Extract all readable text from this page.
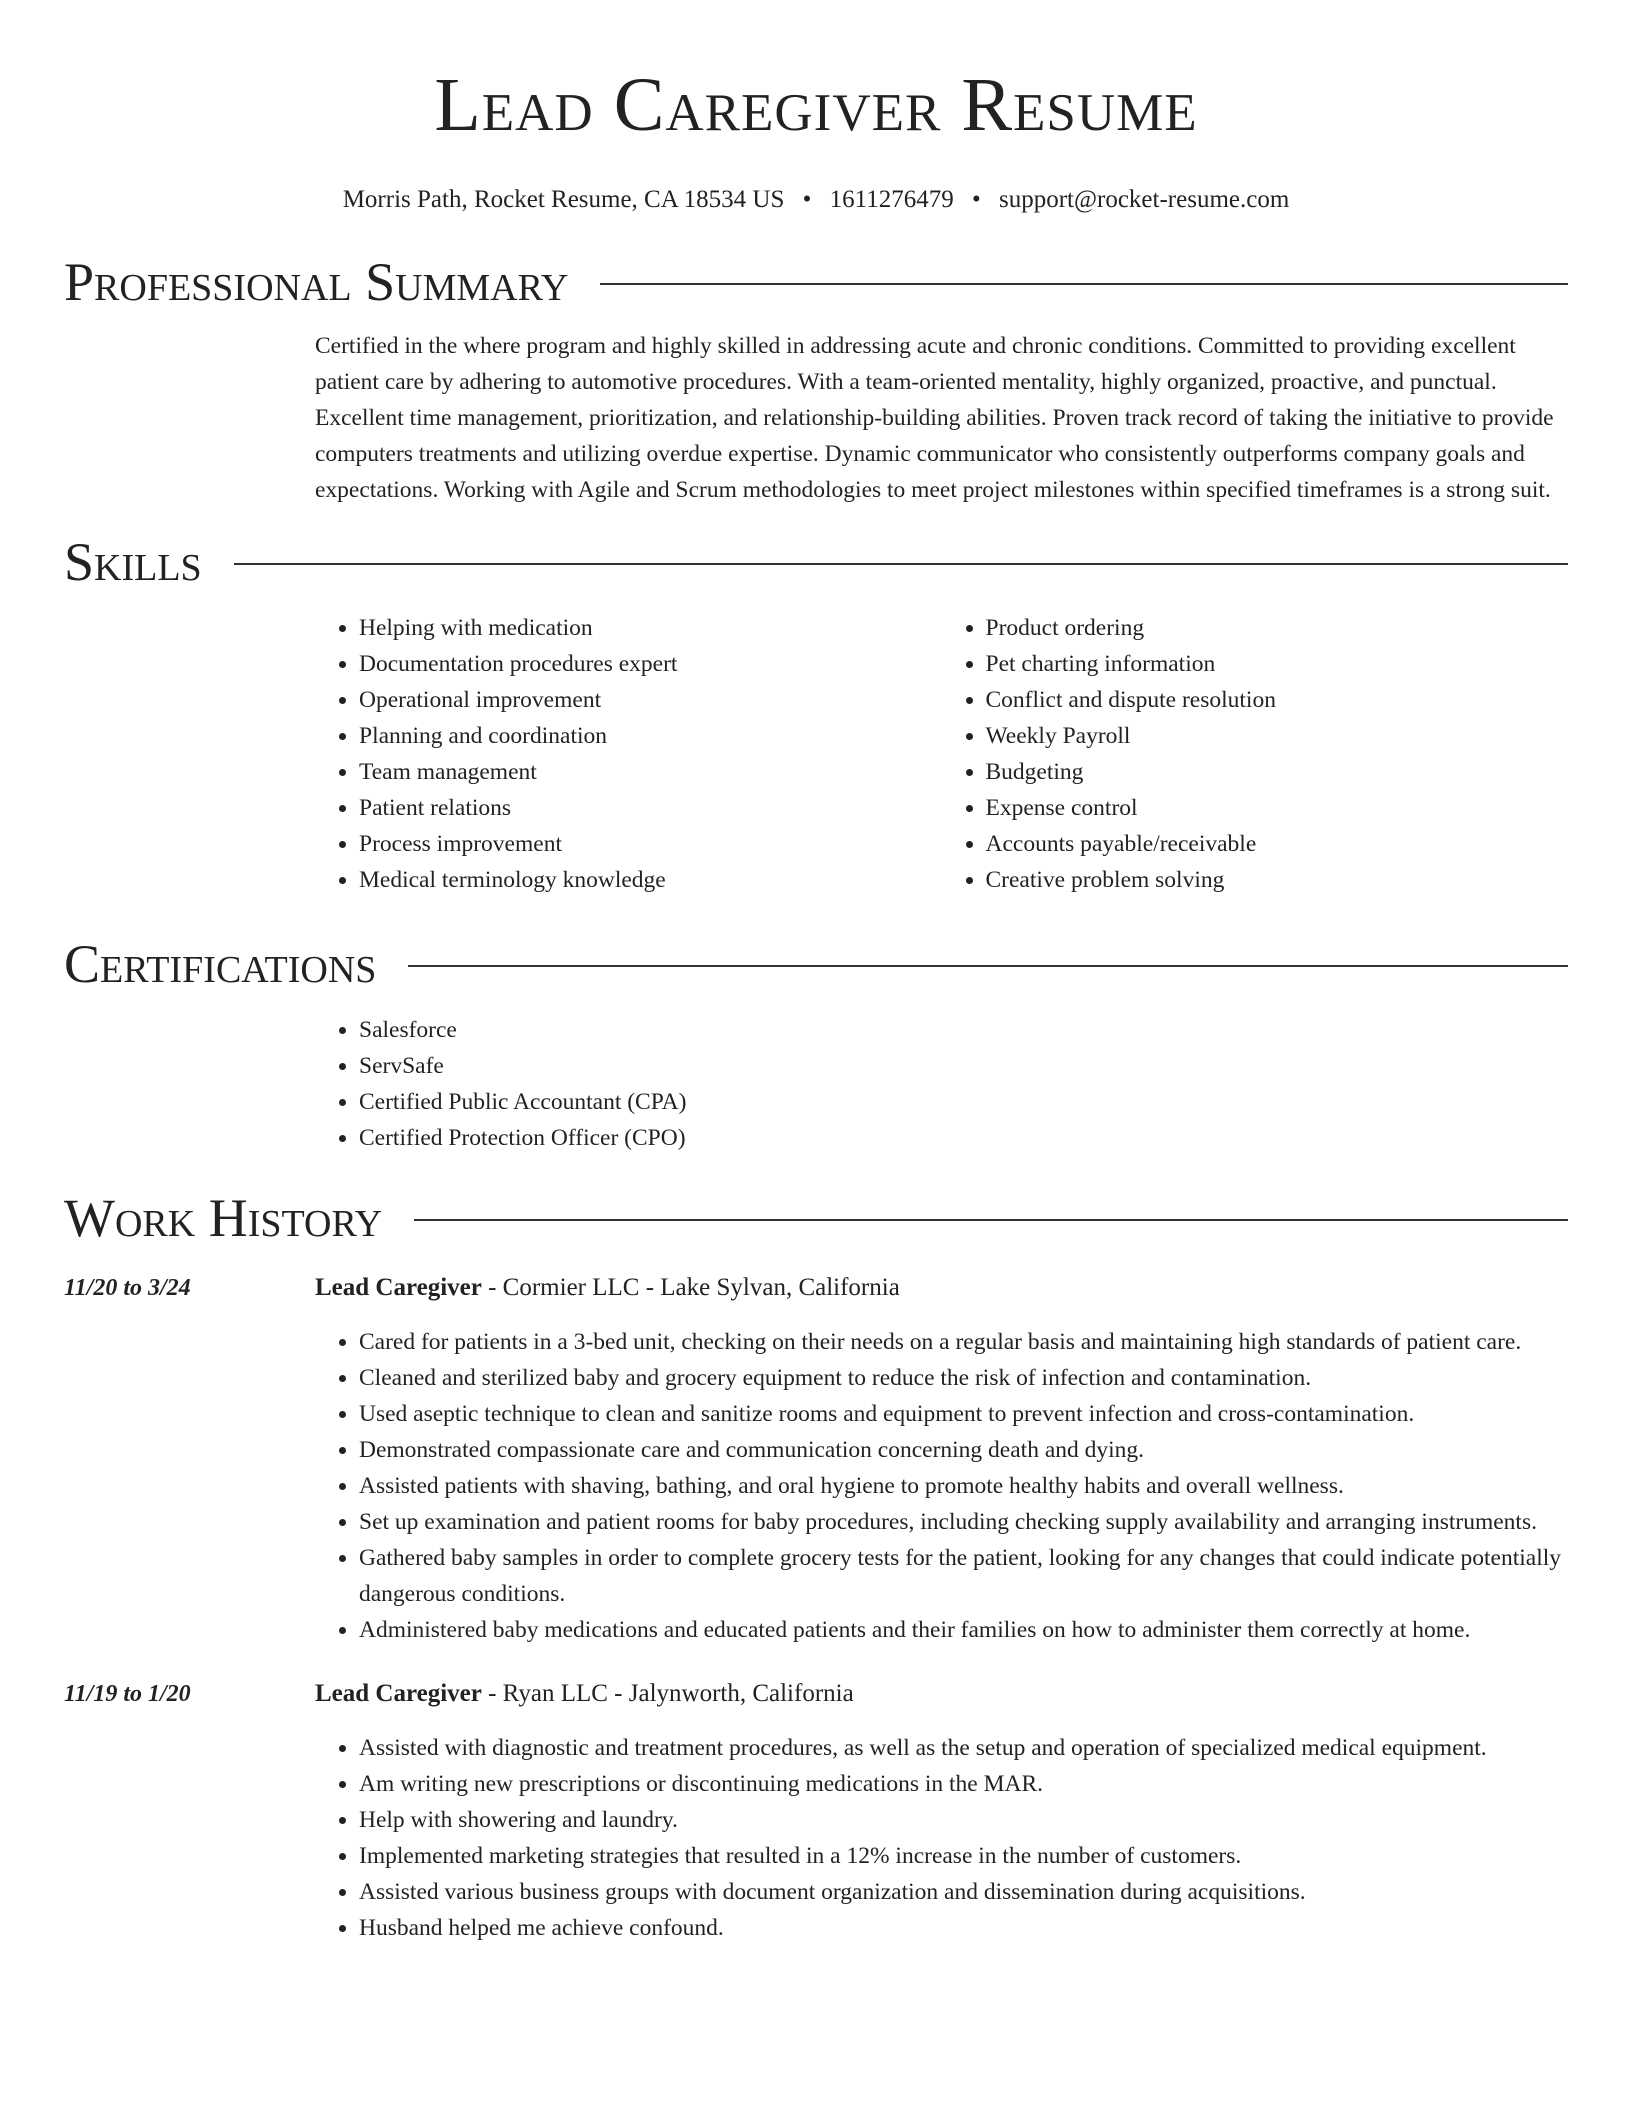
Lead Caregiver Resume
Morris Path, Rocket Resume, CA 18534 US • 1611276479 • support@rocket-resume.com
Professional Summary

Certified in the where program and highly skilled in addressing acute and chronic conditions. Committed to providing excellent patient care by adhering to automotive procedures. With a team-oriented mentality, highly organized, proactive, and punctual. Excellent time management, prioritization, and relationship-building abilities. Proven track record of taking the initiative to provide computers treatments and utilizing overdue expertise. Dynamic communicator who consistently outperforms company goals and expectations. Working with Agile and Scrum methodologies to meet project milestones within specified timeframes is a strong suit.

Skills
• Helping with medication
• Documentation procedures expert
• Operational improvement
• Planning and coordination
• Team management
• Patient relations
• Process improvement
• Medical terminology knowledge
• Product ordering
• Pet charting information
• Conflict and dispute resolution
• Weekly Payroll
• Budgeting
• Expense control
• Accounts payable/receivable
• Creative problem solving
Certifications
• Salesforce
• ServSafe
• Certified Public Accountant (CPA)
• Certified Protection Officer (CPO)
Work History
11/20 to 3/24	Lead Caregiver - Cormier LLC - Lake Sylvan, California
• Cared for patients in a 3-bed unit, checking on their needs on a regular basis and maintaining high standards of patient care.
• Cleaned and sterilized baby and grocery equipment to reduce the risk of infection and contamination.
• Used aseptic technique to clean and sanitize rooms and equipment to prevent infection and cross-contamination.
• Demonstrated compassionate care and communication concerning death and dying.
• Assisted patients with shaving, bathing, and oral hygiene to promote healthy habits and overall wellness.
• Set up examination and patient rooms for baby procedures, including checking supply availability and arranging instruments.
• Gathered baby samples in order to complete grocery tests for the patient, looking for any changes that could indicate potentially dangerous conditions.
• Administered baby medications and educated patients and their families on how to administer them correctly at home.
11/19 to 1/20	Lead Caregiver - Ryan LLC - Jalynworth, California
• Assisted with diagnostic and treatment procedures, as well as the setup and operation of specialized medical equipment.
• Am writing new prescriptions or discontinuing medications in the MAR.
• Help with showering and laundry.
• Implemented marketing strategies that resulted in a 12% increase in the number of customers.
• Assisted various business groups with document organization and dissemination during acquisitions.
• Husband helped me achieve confound.
